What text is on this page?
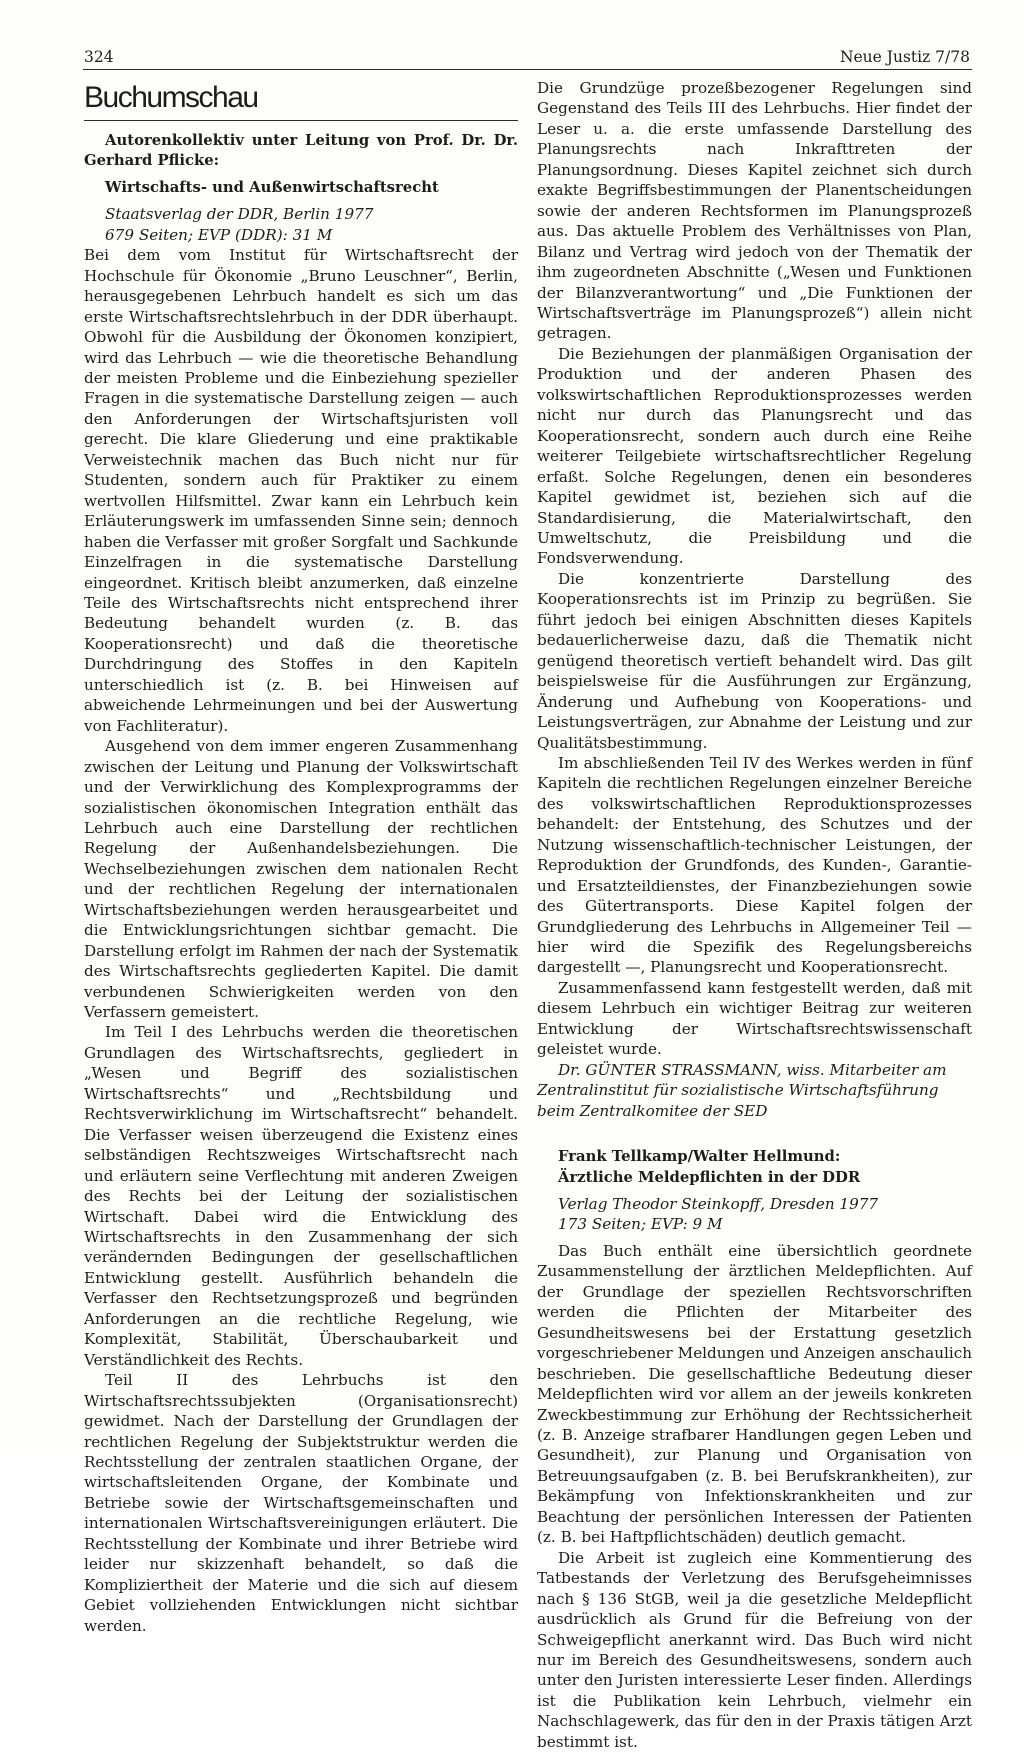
324	Neue Justiz 7/78
Buchumschau

Autorenkollektiv unter Leitung von Prof. Dr. Dr. Gerhard Pflicke:

Wirtschafts- und Außenwirtschaftsrecht

Staatsverlag der DDR, Berlin 1977

679 Seiten; EVP (DDR): 31 M

Bei dem vom Institut für Wirtschaftsrecht der Hochschule für Ökonomie „Bruno Leuschner“, Berlin, herausgegebenen Lehrbuch handelt es sich um das erste Wirtschaftsrechtslehrbuch in der DDR überhaupt. Obwohl für die Ausbildung der Ökonomen konzipiert, wird das Lehrbuch — wie die theoretische Behandlung der meisten Probleme und die Einbeziehung spezieller Fragen in die systematische Darstellung zeigen — auch den Anforderungen der Wirtschaftsjuristen voll gerecht. Die klare Gliederung und eine praktikable Verweistechnik machen das Buch nicht nur für Studenten, sondern auch für Praktiker zu einem wertvollen Hilfsmittel. Zwar kann ein Lehrbuch kein Erläuterungswerk im umfassenden Sinne sein; dennoch haben die Verfasser mit großer Sorgfalt und Sachkunde Einzelfragen in die systematische Darstellung eingeordnet. Kritisch bleibt anzumerken, daß einzelne Teile des Wirtschaftsrechts nicht entsprechend ihrer Bedeutung behandelt wurden (z. B. das Kooperationsrecht) und daß die theoretische Durchdringung des Stoffes in den Kapiteln unterschiedlich ist (z. B. bei Hinweisen auf abweichende Lehrmeinungen und bei der Auswertung von Fachliteratur).

Ausgehend von dem immer engeren Zusammenhang zwischen der Leitung und Planung der Volkswirtschaft und der Verwirklichung des Komplexprogramms der sozialistischen ökonomischen Integration enthält das Lehrbuch auch eine Darstellung der rechtlichen Regelung der Außenhandelsbeziehungen. Die Wechselbeziehungen zwischen dem nationalen Recht und der rechtlichen Regelung der internationalen Wirtschaftsbeziehungen werden herausgearbeitet und die Entwicklungsrichtungen sichtbar gemacht. Die Darstellung erfolgt im Rahmen der nach der Systematik des Wirtschaftsrechts gegliederten Kapitel. Die damit verbundenen Schwierigkeiten werden von den Verfassern gemeistert.

Im Teil I des Lehrbuchs werden die theoretischen Grundlagen des Wirtschaftsrechts, gegliedert in „Wesen und Begriff des sozialistischen Wirtschaftsrechts“ und „Rechtsbildung und Rechtsverwirklichung im Wirtschaftsrecht“ behandelt. Die Verfasser weisen überzeugend die Existenz eines selbständigen Rechtszweiges Wirtschaftsrecht nach und erläutern seine Verflechtung mit anderen Zweigen des Rechts bei der Leitung der sozialistischen Wirtschaft. Dabei wird die Entwicklung des Wirtschaftsrechts in den Zusammenhang der sich verändernden Bedingungen der gesellschaftlichen Entwicklung gestellt. Ausführlich behandeln die Verfasser den Rechtsetzungsprozeß und begründen Anforderungen an die rechtliche Regelung, wie Komplexität, Stabilität, Überschaubarkeit und Verständlichkeit des Rechts.

Teil II des Lehrbuchs ist den Wirtschaftsrechtssubjekten (Organisationsrecht) gewidmet. Nach der Darstellung der Grundlagen der rechtlichen Regelung der Subjektstruktur werden die Rechtsstellung der zentralen staatlichen Organe, der wirtschaftsleitenden Organe, der Kombinate und Betriebe sowie der Wirtschaftsgemeinschaften und internationalen Wirtschaftsvereinigungen erläutert. Die Rechtsstellung der Kombinate und ihrer Betriebe wird leider nur skizzenhaft behandelt, so daß die Kompliziertheit der Materie und die sich auf diesem Gebiet vollziehenden Entwicklungen nicht sichtbar werden.

Die Grundzüge prozeßbezogener Regelungen sind Gegenstand des Teils III des Lehrbuchs. Hier findet der Leser u. a. die erste umfassende Darstellung des Planungsrechts nach Inkrafttreten der Planungsordnung. Dieses Kapitel zeichnet sich durch exakte Begriffsbestimmungen der Planentscheidungen sowie der anderen Rechtsformen im Planungsprozeß aus. Das aktuelle Problem des Verhältnisses von Plan, Bilanz und Vertrag wird jedoch von der Thematik der ihm zugeordneten Abschnitte („Wesen und Funktionen der Bilanzverantwortung“ und „Die Funktionen der Wirtschaftsverträge im Planungsprozeß“) allein nicht getragen.

Die Beziehungen der planmäßigen Organisation der Produktion und der anderen Phasen des volkswirtschaftlichen Reproduktionsprozesses werden nicht nur durch das Planungsrecht und das Kooperationsrecht, sondern auch durch eine Reihe weiterer Teilgebiete wirtschaftsrechtlicher Regelung erfaßt. Solche Regelungen, denen ein besonderes Kapitel gewidmet ist, beziehen sich auf die Standardisierung, die Materialwirtschaft, den Umweltschutz, die Preisbildung und die Fondsverwendung.

Die konzentrierte Darstellung des Kooperationsrechts ist im Prinzip zu begrüßen. Sie führt jedoch bei einigen Abschnitten dieses Kapitels bedauerlicherweise dazu, daß die Thematik nicht genügend theoretisch vertieft behandelt wird. Das gilt beispielsweise für die Ausführungen zur Ergänzung, Änderung und Aufhebung von Kooperations- und Leistungsverträgen, zur Abnahme der Leistung und zur Qualitätsbestimmung.

Im abschließenden Teil IV des Werkes werden in fünf Kapiteln die rechtlichen Regelungen einzelner Bereiche des volkswirtschaftlichen Reproduktionsprozesses behandelt: der Entstehung, des Schutzes und der Nutzung wissenschaftlich-technischer Leistungen, der Reproduktion der Grundfonds, des Kunden-, Garantie- und Ersatzteildienstes, der Finanzbeziehungen sowie des Gütertransports. Diese Kapitel folgen der Grundgliederung des Lehrbuchs in Allgemeiner Teil — hier wird die Spezifik des Regelungsbereichs dargestellt —, Planungsrecht und Kooperationsrecht.

Zusammenfassend kann festgestellt werden, daß mit diesem Lehrbuch ein wichtiger Beitrag zur weiteren Entwicklung der Wirtschaftsrechtswissenschaft geleistet wurde.

Dr. GÜNTER STRASSMANN, wiss. Mitarbeiter am Zentralinstitut für sozialistische Wirtschaftsführung beim Zentralkomitee der SED

Frank Tellkamp/Walter Hellmund:

Ärztliche Meldepflichten in der DDR

Verlag Theodor Steinkopff, Dresden 1977

173 Seiten; EVP: 9 M

Das Buch enthält eine übersichtlich geordnete Zusammenstellung der ärztlichen Meldepflichten. Auf der Grundlage der speziellen Rechtsvorschriften werden die Pflichten der Mitarbeiter des Gesundheitswesens bei der Erstattung gesetzlich vorgeschriebener Meldungen und Anzeigen anschaulich beschrieben. Die gesellschaftliche Bedeutung dieser Meldepflichten wird vor allem an der jeweils konkreten Zweckbestimmung zur Erhöhung der Rechtssicherheit (z. B. Anzeige strafbarer Handlungen gegen Leben und Gesundheit), zur Planung und Organisation von Betreuungsaufgaben (z. B. bei Berufskrankheiten), zur Bekämpfung von Infektionskrankheiten und zur Beachtung der persönlichen Interessen der Patienten (z. B. bei Haftpflichtschäden) deutlich gemacht.

Die Arbeit ist zugleich eine Kommentierung des Tatbestands der Verletzung des Berufsgeheimnisses nach § 136 StGB, weil ja die gesetzliche Meldepflicht ausdrücklich als Grund für die Befreiung von der Schweigepflicht anerkannt wird. Das Buch wird nicht nur im Bereich des Gesundheitswesens, sondern auch unter den Juristen interessierte Leser finden. Allerdings ist die Publikation kein Lehrbuch, vielmehr ein Nachschlagewerk, das für den in der Praxis tätigen Arzt bestimmt ist.
